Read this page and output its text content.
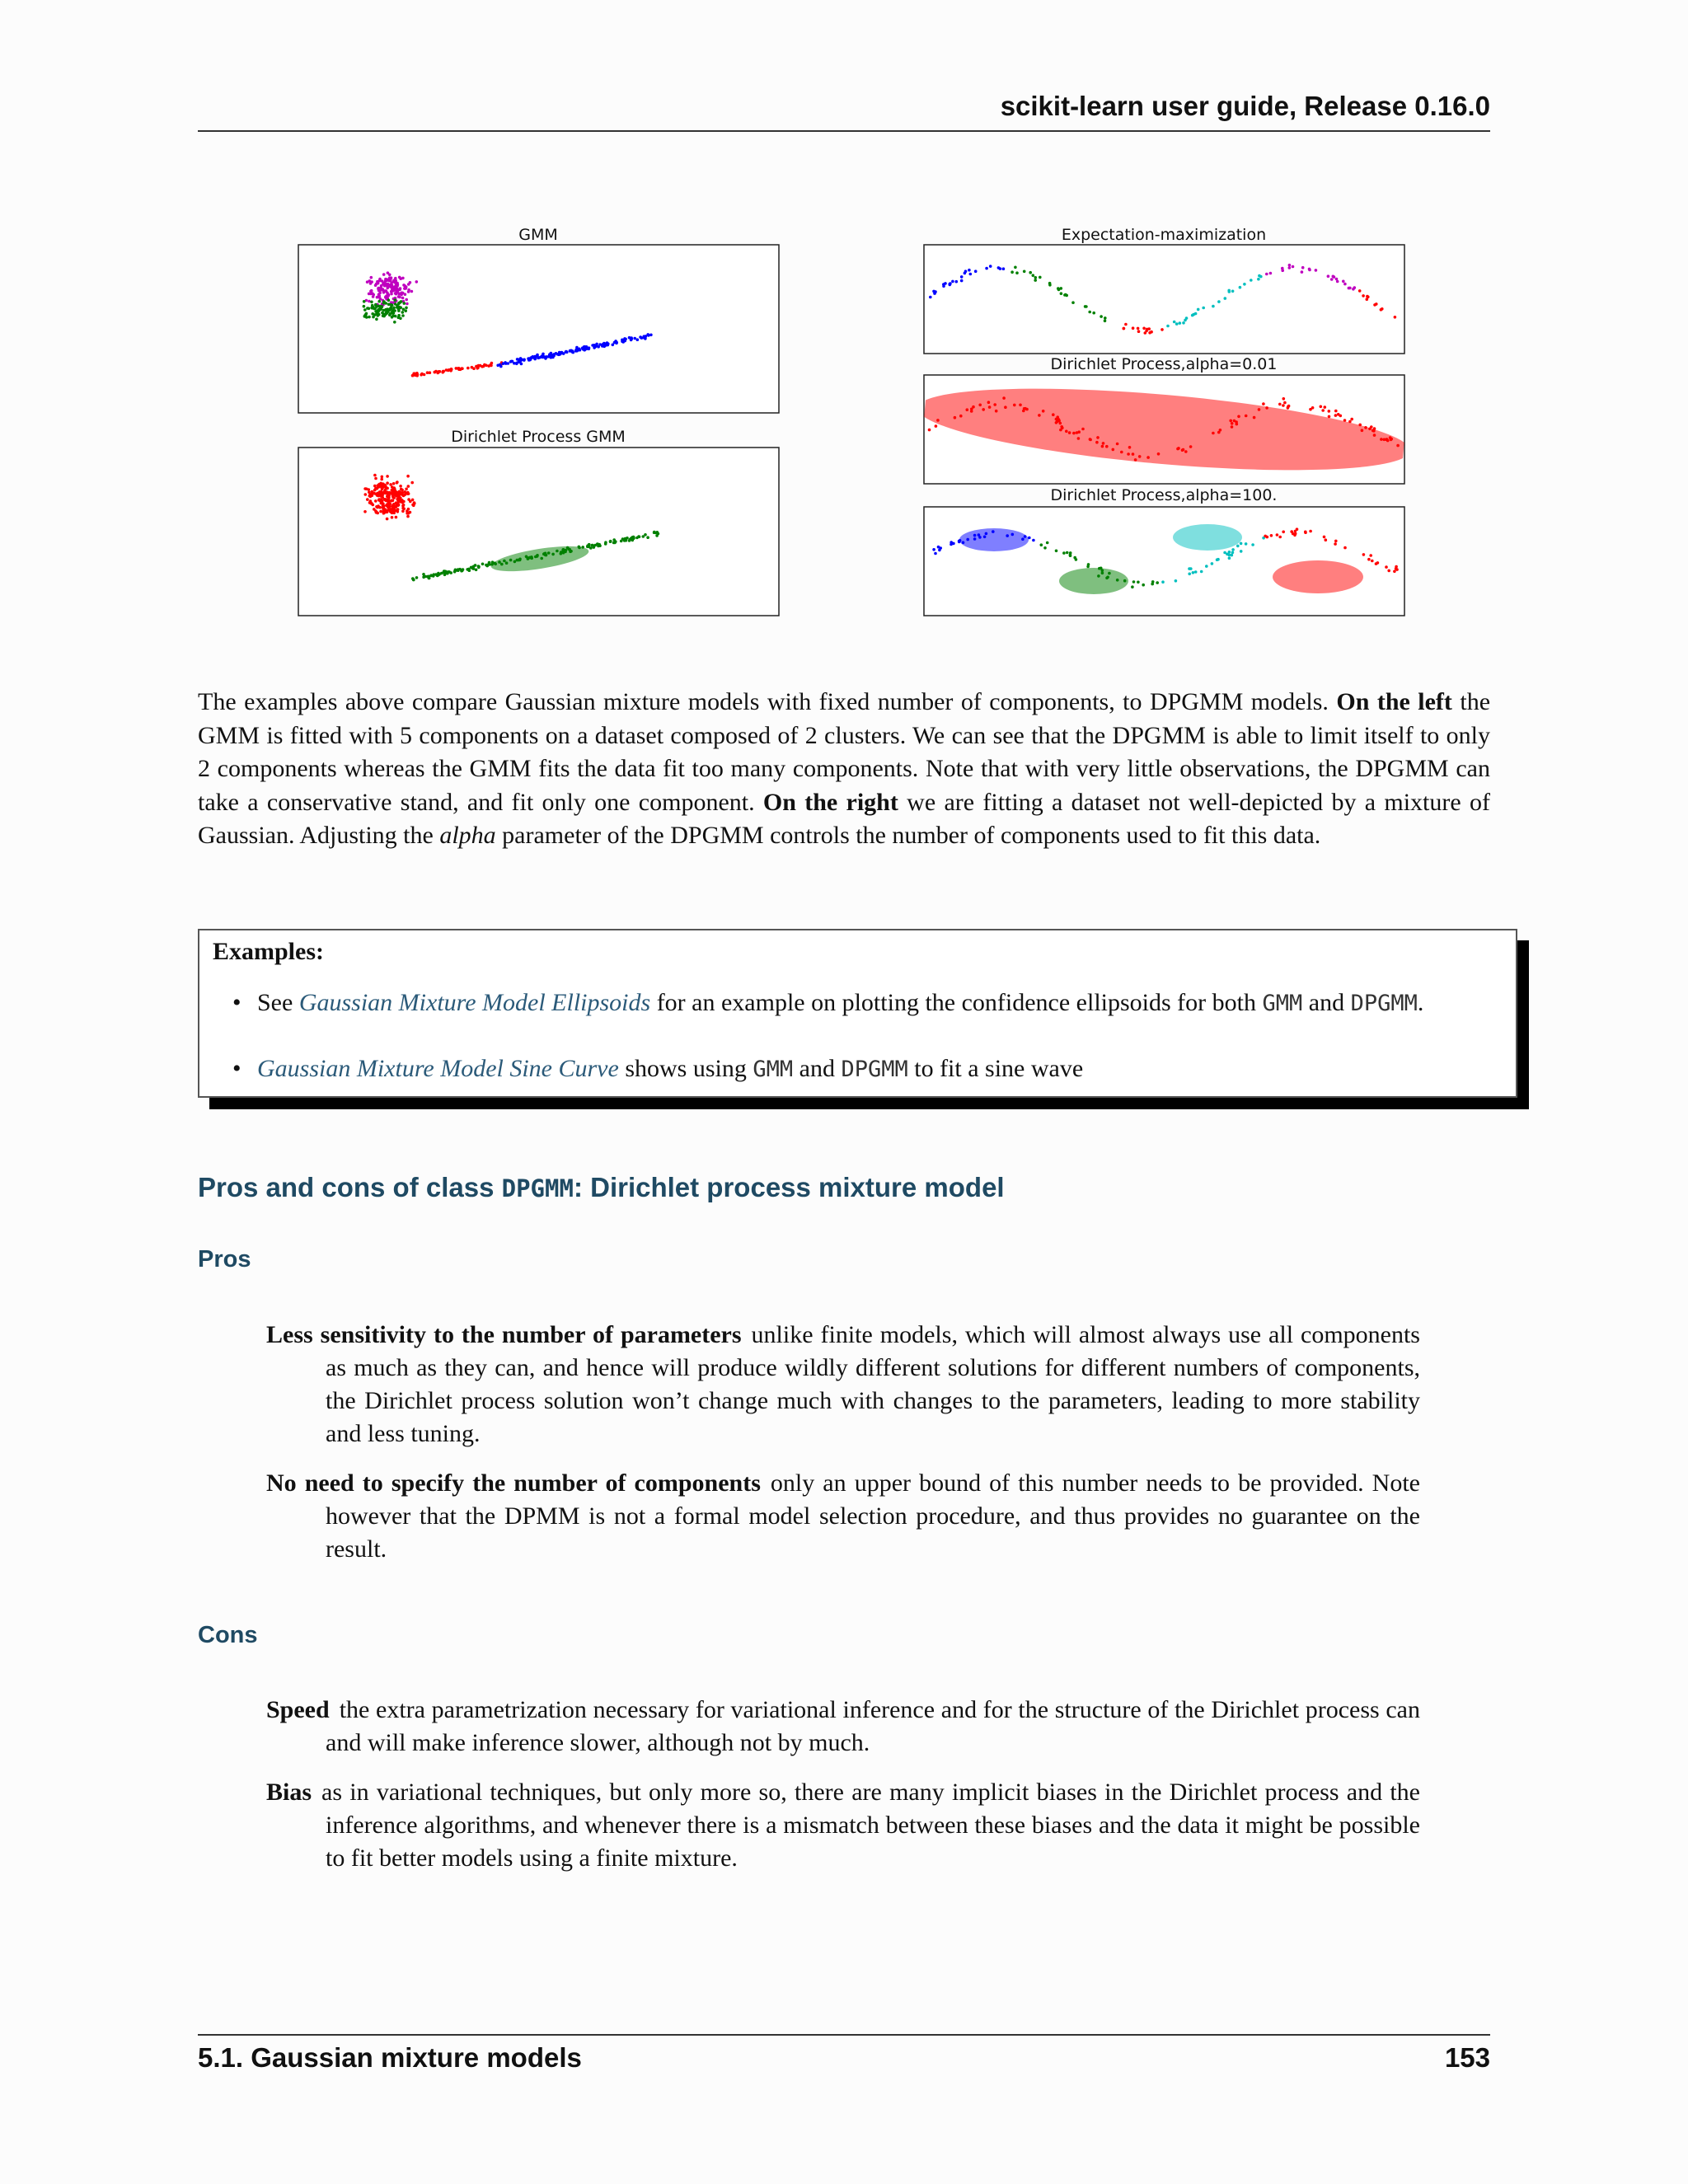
scikit-learn user guide, Release 0.16.0
GMM
Dirichlet Process GMM
Expectation-maximization
Dirichlet Process,alpha=0.01
Dirichlet Process,alpha=100.
The examples above compare Gaussian mixture models with fixed number of components, to DPGMM models. On the left the GMM is fitted with 5 components on a dataset composed of 2 clusters. We can see that the DPGMM is able to limit itself to only 2 components whereas the GMM fits the data fit too many components. Note that with very little observations, the DPGMM can take a conservative stand, and fit only one component. On the right we are fitting a dataset not well-depicted by a mixture of Gaussian. Adjusting the alpha parameter of the DPGMM controls the number of components used to fit this data.
Examples:
• See Gaussian Mixture Model Ellipsoids for an example on plotting the confidence ellipsoids for both GMM and DPGMM.
• Gaussian Mixture Model Sine Curve shows using GMM and DPGMM to fit a sine wave
Pros and cons of class DPGMM: Dirichlet process mixture model
Pros
Less sensitivity to the number of parameters unlike finite models, which will almost always use all components as much as they can, and hence will produce wildly different solutions for different numbers of components, the Dirichlet process solution won’t change much with changes to the parameters, leading to more stability and less tuning.
No need to specify the number of components only an upper bound of this number needs to be provided. Note however that the DPMM is not a formal model selection procedure, and thus provides no guarantee on the result.
Cons
Speed the extra parametrization necessary for variational inference and for the structure of the Dirichlet process can and will make inference slower, although not by much.
Bias as in variational techniques, but only more so, there are many implicit biases in the Dirichlet process and the inference algorithms, and whenever there is a mismatch between these biases and the data it might be possible to fit better models using a finite mixture.
5.1. Gaussian mixture models	153
